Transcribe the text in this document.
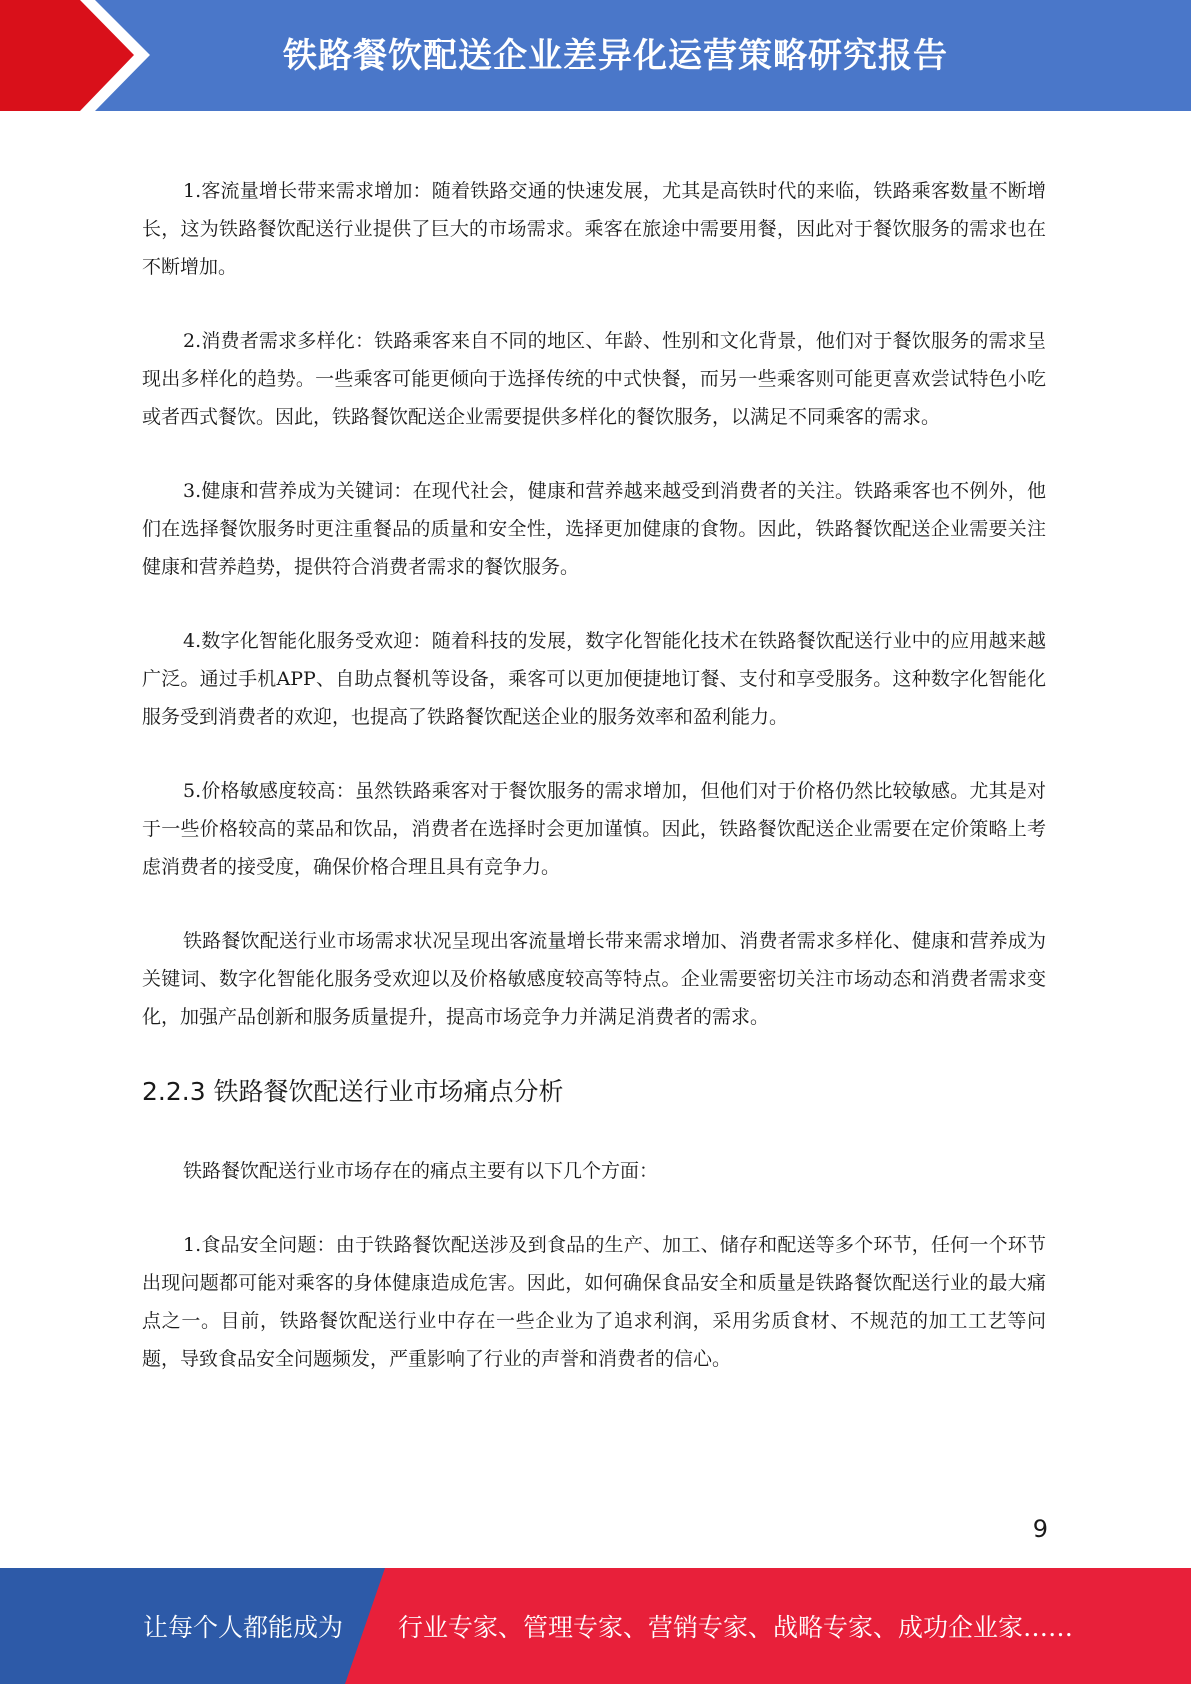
铁路餐饮配送企业差异化运营策略研究报告

1.客流量增长带来需求增加：随着铁路交通的快速发展，尤其是高铁时代的来临，铁路乘客数量不断增长，这为铁路餐饮配送行业提供了巨大的市场需求。乘客在旅途中需要用餐，因此对于餐饮服务的需求也在不断增加。

2.消费者需求多样化：铁路乘客来自不同的地区、年龄、性别和文化背景，他们对于餐饮服务的需求呈现出多样化的趋势。一些乘客可能更倾向于选择传统的中式快餐，而另一些乘客则可能更喜欢尝试特色小吃或者西式餐饮。因此，铁路餐饮配送企业需要提供多样化的餐饮服务，以满足不同乘客的需求。

3.健康和营养成为关键词：在现代社会，健康和营养越来越受到消费者的关注。铁路乘客也不例外，他们在选择餐饮服务时更注重餐品的质量和安全性，选择更加健康的食物。因此，铁路餐饮配送企业需要关注健康和营养趋势，提供符合消费者需求的餐饮服务。

4.数字化智能化服务受欢迎：随着科技的发展，数字化智能化技术在铁路餐饮配送行业中的应用越来越广泛。通过手机APP、自助点餐机等设备，乘客可以更加便捷地订餐、支付和享受服务。这种数字化智能化服务受到消费者的欢迎，也提高了铁路餐饮配送企业的服务效率和盈利能力。

5.价格敏感度较高：虽然铁路乘客对于餐饮服务的需求增加，但他们对于价格仍然比较敏感。尤其是对于一些价格较高的菜品和饮品，消费者在选择时会更加谨慎。因此，铁路餐饮配送企业需要在定价策略上考虑消费者的接受度，确保价格合理且具有竞争力。

铁路餐饮配送行业市场需求状况呈现出客流量增长带来需求增加、消费者需求多样化、健康和营养成为关键词、数字化智能化服务受欢迎以及价格敏感度较高等特点。企业需要密切关注市场动态和消费者需求变化，加强产品创新和服务质量提升，提高市场竞争力并满足消费者的需求。

2.2.3 铁路餐饮配送行业市场痛点分析

铁路餐饮配送行业市场存在的痛点主要有以下几个方面：

1.食品安全问题：由于铁路餐饮配送涉及到食品的生产、加工、储存和配送等多个环节，任何一个环节出现问题都可能对乘客的身体健康造成危害。因此，如何确保食品安全和质量是铁路餐饮配送行业的最大痛点之一。目前，铁路餐饮配送行业中存在一些企业为了追求利润，采用劣质食材、不规范的加工工艺等问题，导致食品安全问题频发，严重影响了行业的声誉和消费者的信心。

9
让每个人都能成为 行业专家、管理专家、营销专家、战略专家、成功企业家……
